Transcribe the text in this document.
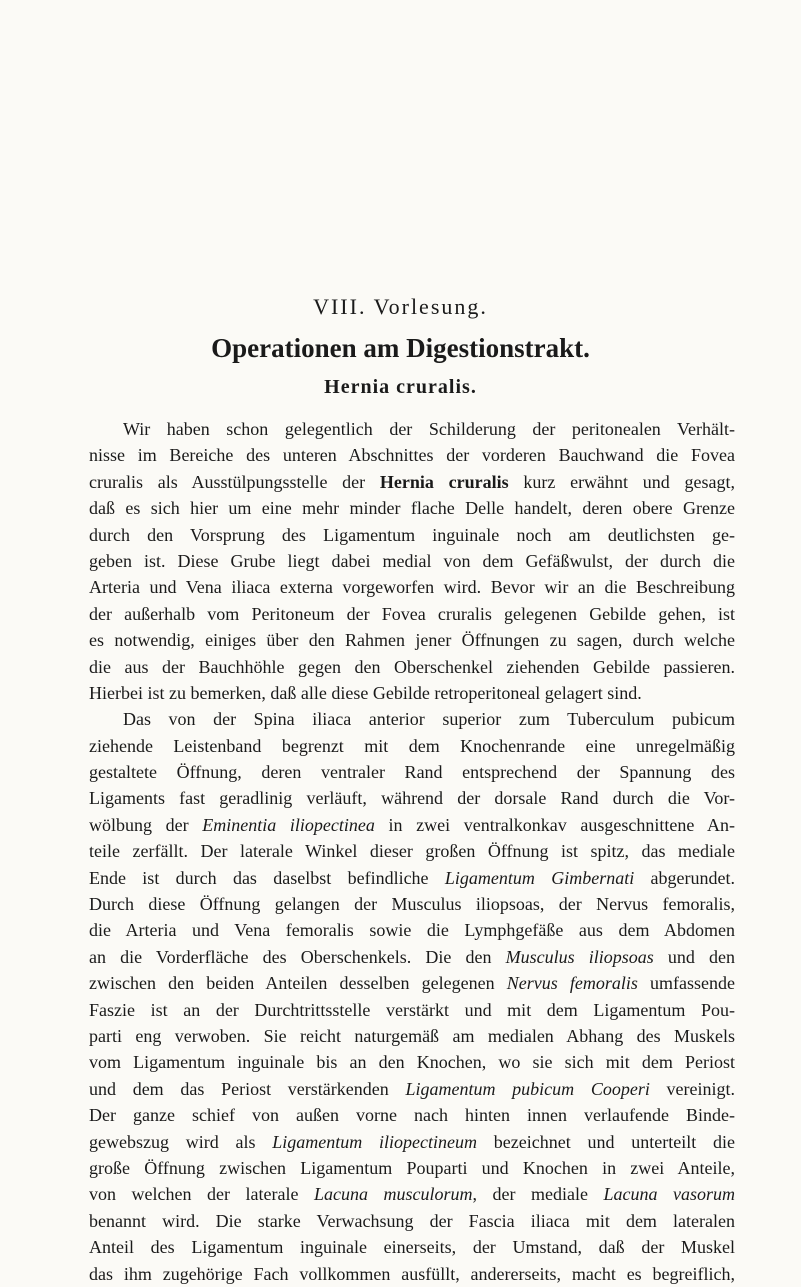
VIII. Vorlesung.
Operationen am Digestionstrakt.
Hernia cruralis.
Wir haben schon gelegentlich der Schilderung der peritonealen Verhält-
nisse im Bereiche des unteren Abschnittes der vorderen Bauchwand die Fovea
cruralis als Ausstülpungsstelle der Hernia cruralis kurz erwähnt und gesagt,
daß es sich hier um eine mehr minder flache Delle handelt, deren obere Grenze
durch den Vorsprung des Ligamentum inguinale noch am deutlichsten ge-
geben ist. Diese Grube liegt dabei medial von dem Gefäßwulst, der durch die
Arteria und Vena iliaca externa vorgeworfen wird. Bevor wir an die Beschreibung
der außerhalb vom Peritoneum der Fovea cruralis gelegenen Gebilde gehen, ist
es notwendig, einiges über den Rahmen jener Öffnungen zu sagen, durch welche
die aus der Bauchhöhle gegen den Oberschenkel ziehenden Gebilde passieren.
Hierbei ist zu bemerken, daß alle diese Gebilde retroperitoneal gelagert sind.
Das von der Spina iliaca anterior superior zum Tuberculum pubicum
ziehende Leistenband begrenzt mit dem Knochenrande eine unregelmäßig
gestaltete Öffnung, deren ventraler Rand entsprechend der Spannung des
Ligaments fast geradlinig verläuft, während der dorsale Rand durch die Vor-
wölbung der Eminentia iliopectinea in zwei ventralkonkav ausgeschnittene An-
teile zerfällt. Der laterale Winkel dieser großen Öffnung ist spitz, das mediale
Ende ist durch das daselbst befindliche Ligamentum Gimbernati abgerundet.
Durch diese Öffnung gelangen der Musculus iliopsoas, der Nervus femoralis,
die Arteria und Vena femoralis sowie die Lymphgefäße aus dem Abdomen
an die Vorderfläche des Oberschenkels. Die den Musculus iliopsoas und den
zwischen den beiden Anteilen desselben gelegenen Nervus femoralis umfassende
Faszie ist an der Durchtrittsstelle verstärkt und mit dem Ligamentum Pou-
parti eng verwoben. Sie reicht naturgemäß am medialen Abhang des Muskels
vom Ligamentum inguinale bis an den Knochen, wo sie sich mit dem Periost
und dem das Periost verstärkenden Ligamentum pubicum Cooperi vereinigt.
Der ganze schief von außen vorne nach hinten innen verlaufende Binde-
gewebszug wird als Ligamentum iliopectineum bezeichnet und unterteilt die
große Öffnung zwischen Ligamentum Pouparti und Knochen in zwei Anteile,
von welchen der laterale Lacuna musculorum, der mediale Lacuna vasorum
benannt wird. Die starke Verwachsung der Fascia iliaca mit dem lateralen
Anteil des Ligamentum inguinale einerseits, der Umstand, daß der Muskel
das ihm zugehörige Fach vollkommen ausfüllt, andererseits, macht es begreiflich,
